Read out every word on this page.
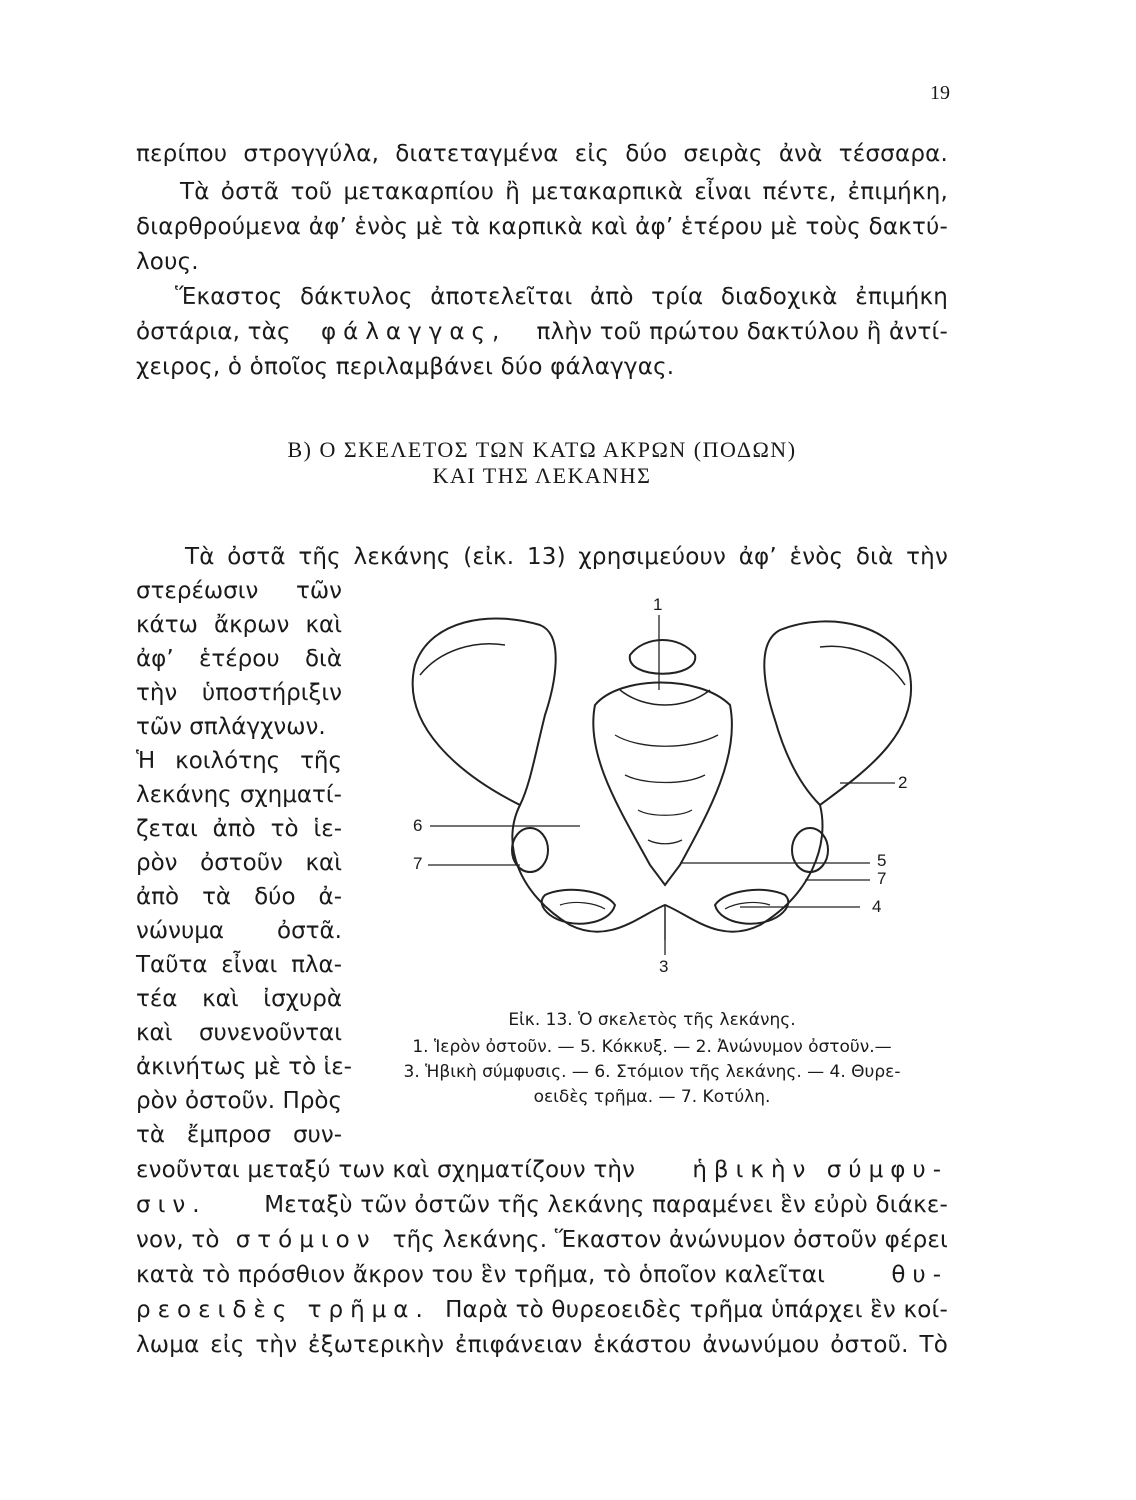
19
περίπου στρογγύλα, διατεταγμένα εἰς δύο σειρὰς ἀνὰ τέσσαρα.
Τὰ ὀστᾶ τοῦ μετακαρπίου ἢ μετακαρπικὰ εἶναι πέντε, ἐπιμήκη,
διαρθρούμενα ἀφ’ ἑνὸς μὲ τὰ καρπικὰ καὶ ἀφ’ ἑτέρου μὲ τοὺς δακτύ-
λους.
Ἕκαστος δάκτυλος ἀποτελεῖται ἀπὸ τρία διαδοχικὰ ἐπιμήκη
ὀστάρια, τὰς φάλαγγας, πλὴν τοῦ πρώτου δακτύλου ἢ ἀντί-
χειρος, ὁ ὁποῖος περιλαμβάνει δύο φάλαγγας.
Β) Ο ΣΚΕΛΕΤΟΣ ΤΩΝ ΚΑΤΩ ΑΚΡΩΝ (ΠΟΔΩΝ)
ΚΑΙ ΤΗΣ ΛΕΚΑΝΗΣ
Τὰ ὀστᾶ τῆς λεκάνης (εἰκ. 13) χρησιμεύουν ἀφ’ ἑνὸς διὰ τὴν
στερέωσιν τῶν
κάτω ἄκρων καὶ
ἀφ’ ἑτέρου διὰ
τὴν ὑποστήριξιν
τῶν σπλάγχνων.
Ἡ κοιλότης τῆς
λεκάνης σχηματί-
ζεται ἀπὸ τὸ ἱε-
ρὸν ὀστοῦν καὶ
ἀπὸ τὰ δύο ἀ-
νώνυμα ὀστᾶ.
Ταῦτα εἶναι πλα-
τέα καὶ ἰσχυρὰ
καὶ συνενοῦνται
ἀκινήτως μὲ τὸ ἱε-
ρὸν ὀστοῦν. Πρὸς
τὰ ἔμπροσ συν-
1
2
3
4
5
6
7
7
Εἰκ. 13. Ὁ σκελετὸς τῆς λεκάνης.
1. Ἱερὸν ὀστοῦν. — 5. Κόκκυξ. — 2. Ἀνώνυμον ὀστοῦν.—
3. Ἡβικὴ σύμφυσις. — 6. Στόμιον τῆς λεκάνης. — 4. Θυρε-
οειδὲς τρῆμα. — 7. Κοτύλη.
ενοῦνται μεταξύ των καὶ σχηματίζουν τὴν ἡβικὴν σύμφυ-
σιν.	Μεταξὺ τῶν ὀστῶν τῆς λεκάνης παραμένει ἓν εὐρὺ διάκε-
νον, τὸ στόμιον τῆς λεκάνης. Ἕκαστον ἀνώνυμον ὀστοῦν φέρει
κατὰ τὸ πρόσθιον ἄκρον του ἓν τρῆμα, τὸ ὁποῖον καλεῖται	θυ-
ρεοειδὲς τρῆμα. Παρὰ τὸ θυρεοειδὲς τρῆμα ὑπάρχει ἓν κοί-
λωμα εἰς τὴν ἐξωτερικὴν ἐπιφάνειαν ἑκάστου ἀνωνύμου ὀστοῦ. Τὸ
